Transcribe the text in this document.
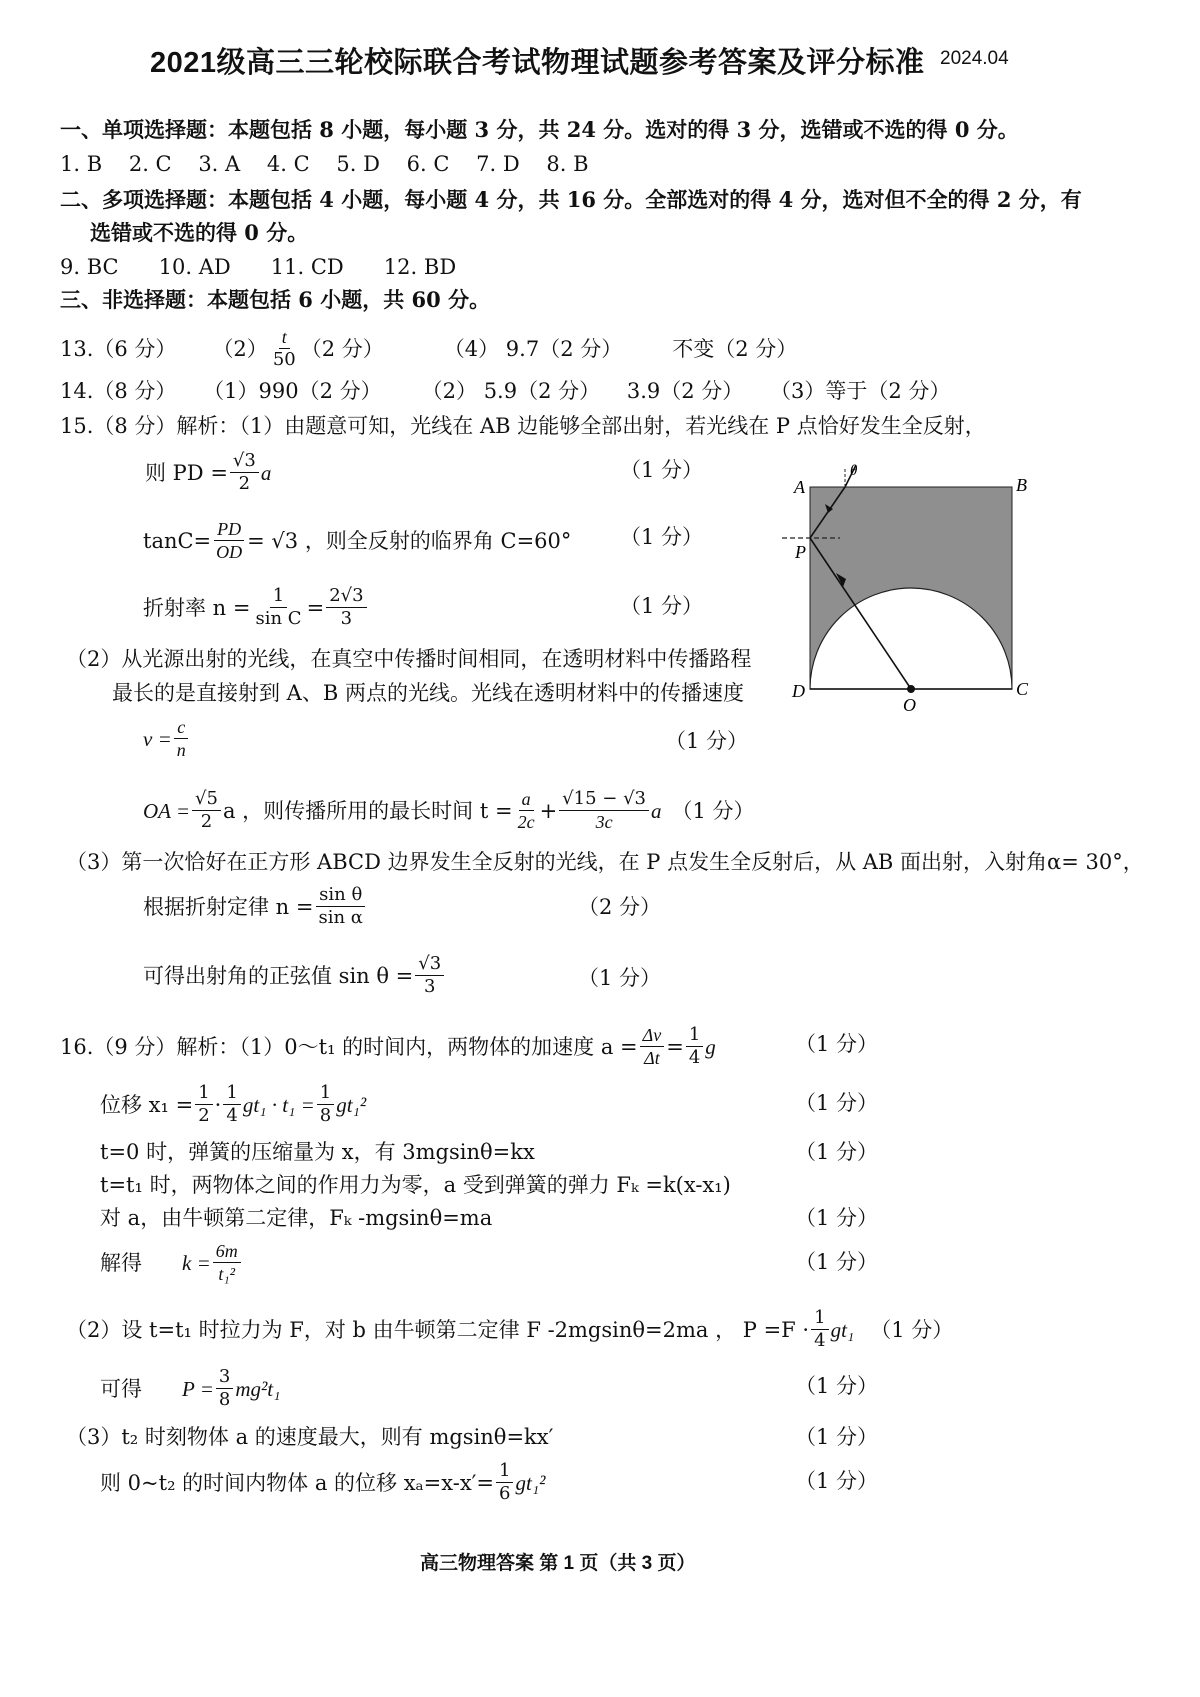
2021级高三三轮校际联合考试物理试题参考答案及评分标准 2024.04
一、单项选择题：本题包括 8 小题，每小题 3 分，共 24 分。选对的得 3 分，选错或不选的得 0 分。
1. B    2. C    3. A    4. C    5. D    6. C    7. D    8. B
二、多项选择题：本题包括 4 小题，每小题 4 分，共 16 分。全部选对的得 4 分，选对但不全的得 2 分，有
选错或不选的得 0 分。
9. BC      10. AD      11. CD      12. BD
三、非选择题：本题包括 6 小题，共 60 分。
13.（6 分） $(2) \frac{t}{50} (2$ 分）	（4） 9.7（2 分） 不变（2 分）
14.（8 分）    （1）990（2 分）      （2） 5.9（2 分）    3.9（2 分）    （3）等于（2 分）
15.（8 分）解析：（1）由题意可知，光线在 AB 边能够全部出射，若光线在 P 点恰好发生全反射，
则 PD = $\frac{√3}{2}$ a	（1 分）
$\tan C= \frac{PD}{OD} = √3$ ，则全反射的临界角 C=60° （1 分）
折射率 $n = \frac{1}{\text{sin C}} = \frac{2√3}{3}$	（1 分）
（2）从光源出射的光线，在真空中传播时间相同，在透明材料中传播路程
最长的是直接射到 A、B 两点的光线。光线在透明材料中的传播速度
$v = \frac{c}{n}$	（1 分）
OA = $\frac{√5}{2}$ a ，则传播所用的最长时间 $t = \frac{a}{2c} + \frac{√15 - √3}{3c}$ a （1 分）
（3）第一次恰好在正方形 ABCD 边界发生全反射的光线，在 P 点发生全反射后，从 AB 面出射，入射角α= 30°，
根据折射定律 $n = \frac{\text{sin θ}}{\text{sin α}}$	（2 分）
可得出射角的正弦值 $\sin \theta = \frac{√3}{3}$	（1 分）
A	B
C
D
P
O
θ
16.（9 分）解析：（1）0～t₁ 的时间内，两物体的加速度 $a = \frac{\Delta v}{\Delta t} = \frac{1}{4}$ g	（1 分）
位移 $x_1 = \frac{1}{2} \cdot \frac{1}{4} gt_1 \cdot t_1 = \frac{1}{8} gt_1^2$	（1 分）
t=0 时，弹簧的压缩量为 x，有 3mgsinθ=kx	（1 分）
t=t₁ 时，两物体之间的作用力为零，a 受到弹簧的弹力 Fₖ =k(x-x₁)
对 a，由牛顿第二定律，Fₖ -mgsinθ=ma	（1 分）
解得 $k = \frac{6m}{\text{t₁²}}$	（1 分）
（2）设 t=t₁ 时拉力为 F，对 b 由牛顿第二定律 F -2mgsinθ=2ma ， $P =F \cdot \frac{1}{4} gt_1$ （1 分）
可得 $P = \frac{3}{8} mg^2t_1$	（1 分）
（3）t₂ 时刻物体 a 的速度最大，则有 mgsinθ=kx′	（1 分）
则 0~t₂ 的时间内物体 a 的位移 $x_a=x-x'= \frac{1}{6} gt_1^2$	（1 分）
高三物理答案 第 1 页（共 3 页）
